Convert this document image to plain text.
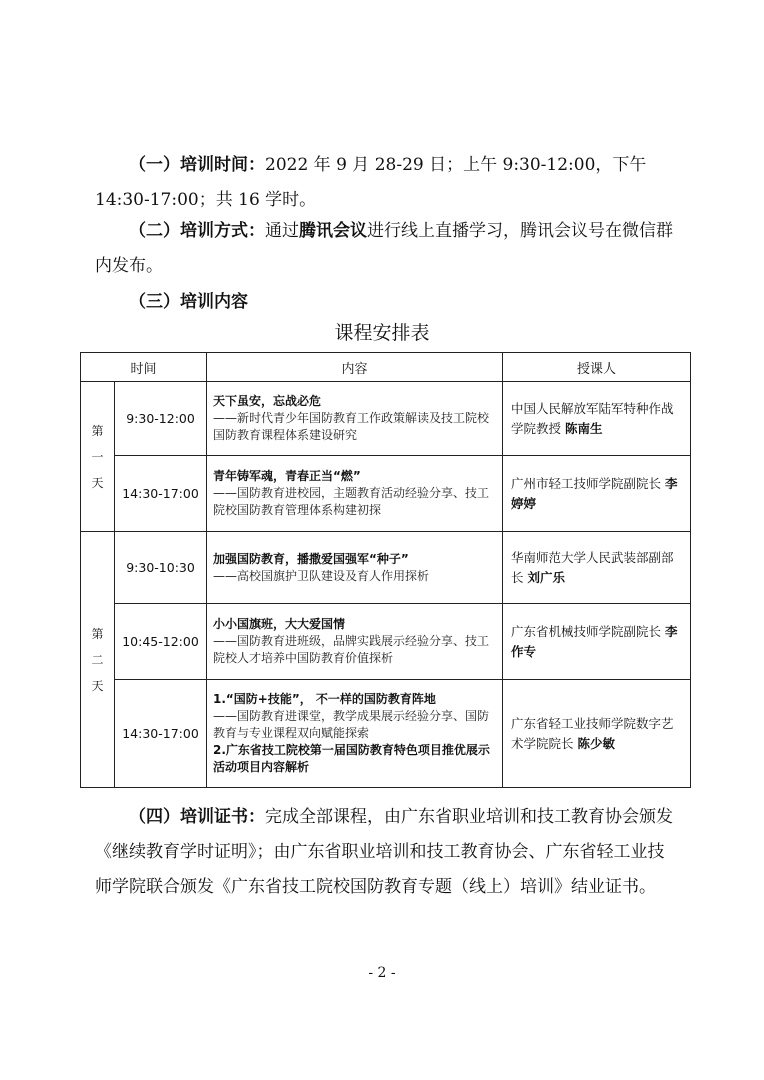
（一）培训时间：2022 年 9 月 28-29 日；上午 9:30-12:00，下午 14:30-17:00；共 16 学时。

（二）培训方式：通过腾讯会议进行线上直播学习，腾讯会议号在微信群内发布。

（三）培训内容

课程安排表
时间		内容	授课人

第
一
天	9:30-12:00	天下虽安，忘战必危
——新时代青少年国防教育工作政策解读及技工院校国防教育课程体系建设研究	中国人民解放军陆军特种作战学院教授 陈南生
	14:30-17:00	青年铸军魂，青春正当“燃”
——国防教育进校园，主题教育活动经验分享、技工院校国防教育管理体系构建初探	广州市轻工技师学院副院长 李婷婷

第
二
天	9:30-10:30	加强国防教育，播撒爱国强军“种子”
——高校国旗护卫队建设及育人作用探析	华南师范大学人民武装部副部长 刘广乐
	10:45-12:00	小小国旗班，大大爱国情
——国防教育进班级，品牌实践展示经验分享、技工院校人才培养中国防教育价值探析	广东省机械技师学院副院长 李作专
	14:30-17:00	1.“国防+技能”， 不一样的国防教育阵地
——国防教育进课堂，教学成果展示经验分享、国防教育与专业课程双向赋能探索
2.广东省技工院校第一届国防教育特色项目推优展示活动项目内容解析	广东省轻工业技师学院数字艺术学院院长 陈少敏

（四）培训证书：完成全部课程，由广东省职业培训和技工教育协会颁发《继续教育学时证明》；由广东省职业培训和技工教育协会、广东省轻工业技师学院联合颁发《广东省技工院校国防教育专题（线上）培训》结业证书。

- 2 -
